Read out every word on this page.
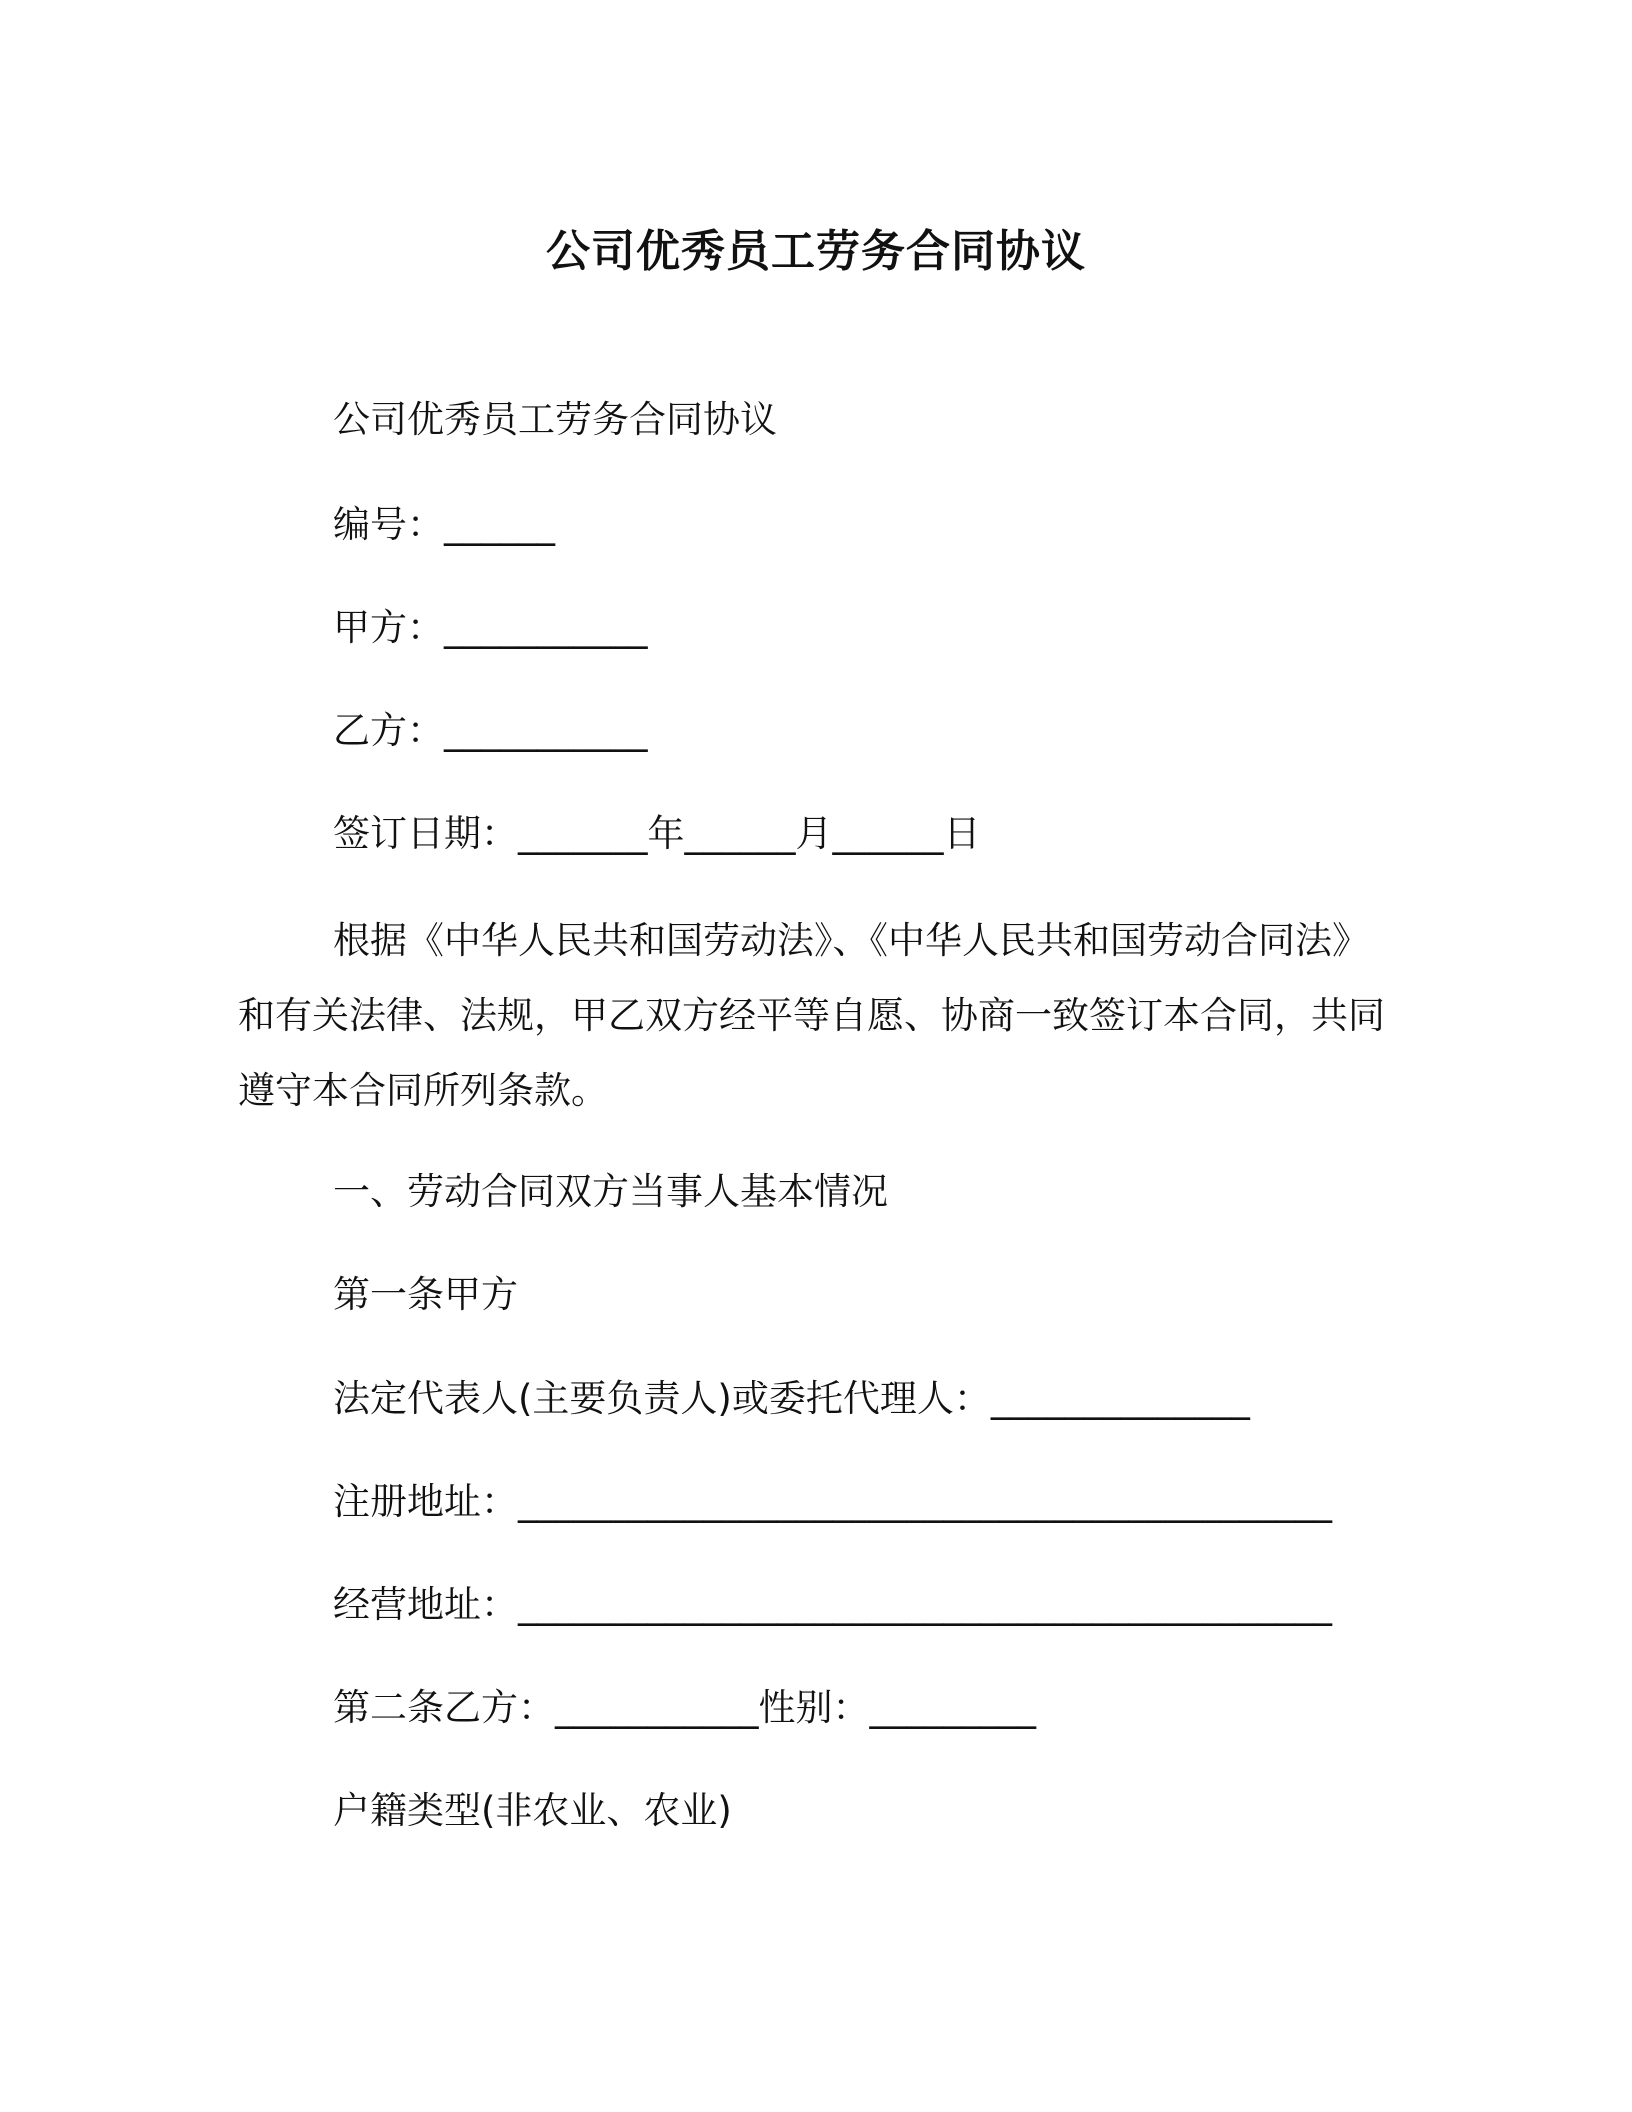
公司优秀员工劳务合同协议
公司优秀员工劳务合同协议
编号：______
甲方：___________
乙方：___________
签订日期：_______年______月______日
根据《中华人民共和国劳动法》、《中华人民共和国劳动合同法》和有关法律、法规，甲乙双方经平等自愿、协商一致签订本合同，共同遵守本合同所列条款。
一、劳动合同双方当事人基本情况
第一条甲方
法定代表人(主要负责人)或委托代理人：______________
注册地址：____________________________________________
经营地址：____________________________________________
第二条乙方：___________性别：_________
户籍类型(非农业、农业)
